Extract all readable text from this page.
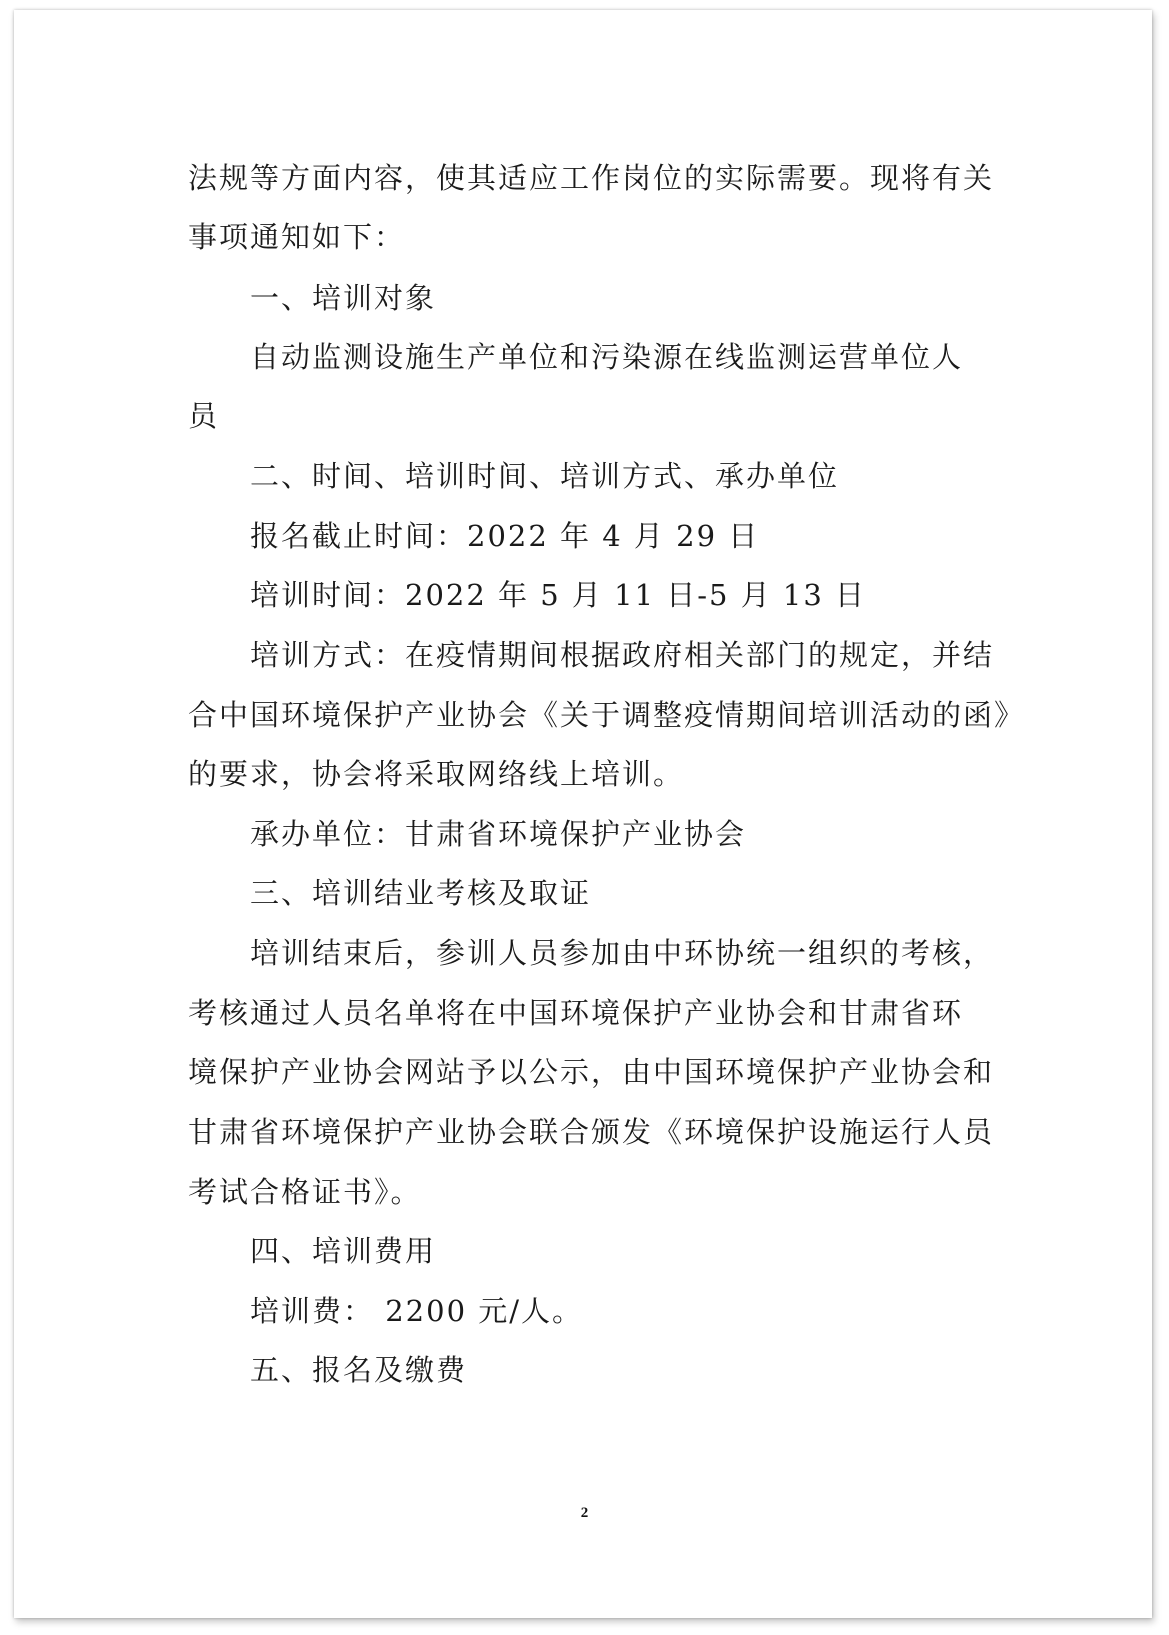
法规等方面内容，使其适应工作岗位的实际需要。现将有关

事项通知如下：

一、培训对象

自动监测设施生产单位和污染源在线监测运营单位人

员

二、时间、培训时间、培训方式、承办单位

报名截止时间：2022 年 4 月 29 日

培训时间：2022 年 5 月 11 日-5 月 13 日

培训方式：在疫情期间根据政府相关部门的规定，并结

合中国环境保护产业协会《关于调整疫情期间培训活动的函》

的要求，协会将采取网络线上培训。

承办单位：甘肃省环境保护产业协会

三、培训结业考核及取证

培训结束后，参训人员参加由中环协统一组织的考核，

考核通过人员名单将在中国环境保护产业协会和甘肃省环

境保护产业协会网站予以公示，由中国环境保护产业协会和

甘肃省环境保护产业协会联合颁发《环境保护设施运行人员

考试合格证书》。

四、培训费用

培训费： 2200 元/人。

五、报名及缴费

2
